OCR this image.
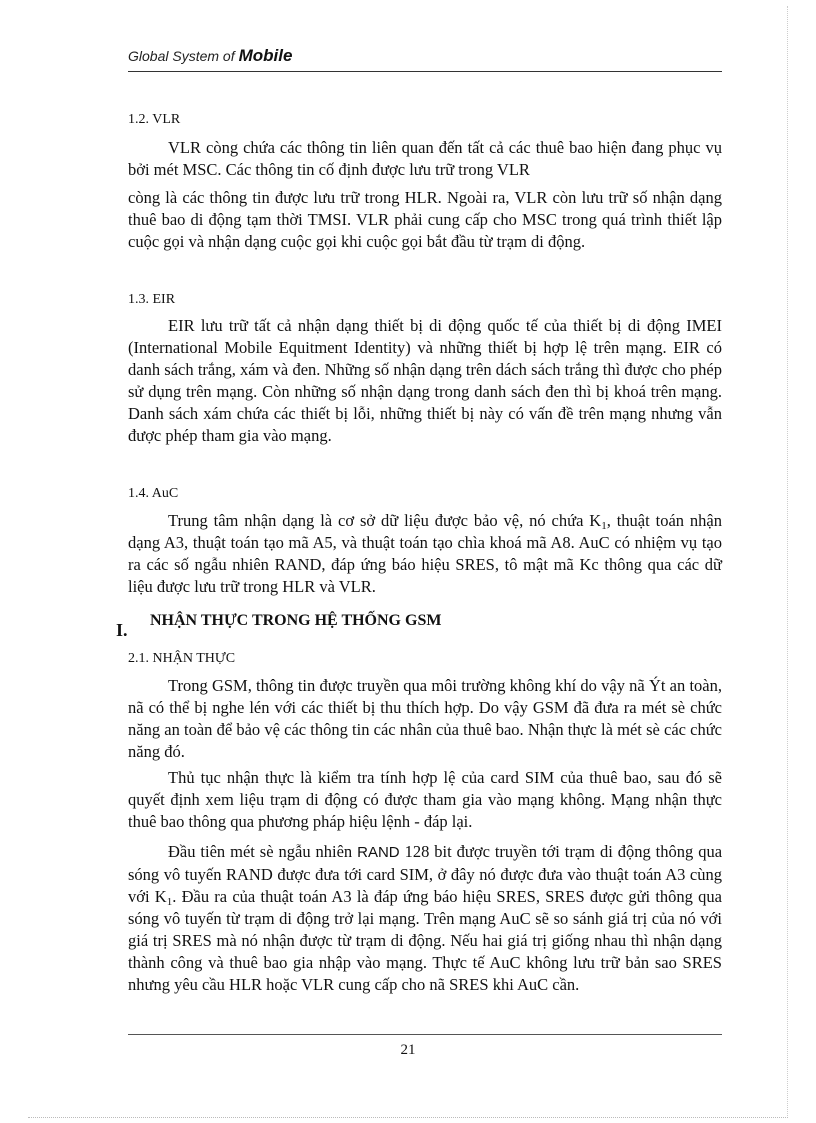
Global System of Mobile
1.2. VLR
VLR còng chứa các thông tin liên quan đến tất cả các thuê bao hiện đang phục vụ bởi mét MSC. Các thông tin cố định được lưu trữ trong VLR
còng là các thông tin được lưu trữ trong HLR. Ngoài ra, VLR còn lưu trữ số nhận dạng thuê bao di động tạm thời TMSI. VLR phải cung cấp cho MSC trong quá trình thiết lập cuộc gọi và nhận dạng cuộc gọi khi cuộc gọi bắt đầu từ trạm di động.
1.3. EIR
EIR lưu trữ tất cả nhận dạng thiết bị di động quốc tế của thiết bị di động IMEI (International Mobile Equitment Identity) và những thiết bị hợp lệ trên mạng. EIR có danh sách trắng, xám và đen. Những số nhận dạng trên dách sách trắng thì được cho phép sử dụng trên mạng. Còn những số nhận dạng trong danh sách đen thì bị khoá trên mạng. Danh sách xám chứa các thiết bị lỗi, những thiết bị này có vấn đề trên mạng nhưng vẫn được phép tham gia vào mạng.
1.4. AuC
Trung tâm nhận dạng là cơ sở dữ liệu được bảo vệ, nó chứa $K_1$, thuật toán nhận dạng A3, thuật toán tạo mã A5, và thuật toán tạo chìa khoá mã A8. AuC có nhiệm vụ tạo ra các số ngẫu nhiên RAND, đáp ứng báo hiệu SRES, tô mật mã Kc thông qua các dữ liệu được lưu trữ trong HLR và VLR.
I. NHẬN THỰC TRONG HỆ THỐNG GSM
2.1. NHẬN THỰC
Trong GSM, thông tin được truyền qua môi trường không khí do vậy nã Ýt an toàn, nã có thể bị nghe lén với các thiết bị thu thích hợp. Do vậy GSM đã đưa ra mét sè chức năng an toàn để bảo vệ các thông tin các nhân của thuê bao. Nhận thực là mét sè các chức năng đó.
Thủ tục nhận thực là kiểm tra tính hợp lệ của card SIM của thuê bao, sau đó sẽ quyết định xem liệu trạm di động có được tham gia vào mạng không. Mạng nhận thực thuê bao thông qua phương pháp hiệu lệnh - đáp lại.
Đầu tiên mét sè ngẫu nhiên RAND 128 bit được truyền tới trạm di động thông qua sóng vô tuyến RAND được đưa tới card SIM, ở đây nó được đưa vào thuật toán A3 cùng với $K_1$. Đầu ra của thuật toán A3 là đáp ứng báo hiệu SRES, SRES được gửi thông qua sóng vô tuyến từ trạm di động trở lại mạng. Trên mạng AuC sẽ so sánh giá trị của nó với giá trị SRES mà nó nhận được từ trạm di động. Nếu hai giá trị giống nhau thì nhận dạng thành công và thuê bao gia nhập vào mạng. Thực tế AuC không lưu trữ bản sao SRES nhưng yêu cầu HLR hoặc VLR cung cấp cho nã SRES khi AuC cần.
21
